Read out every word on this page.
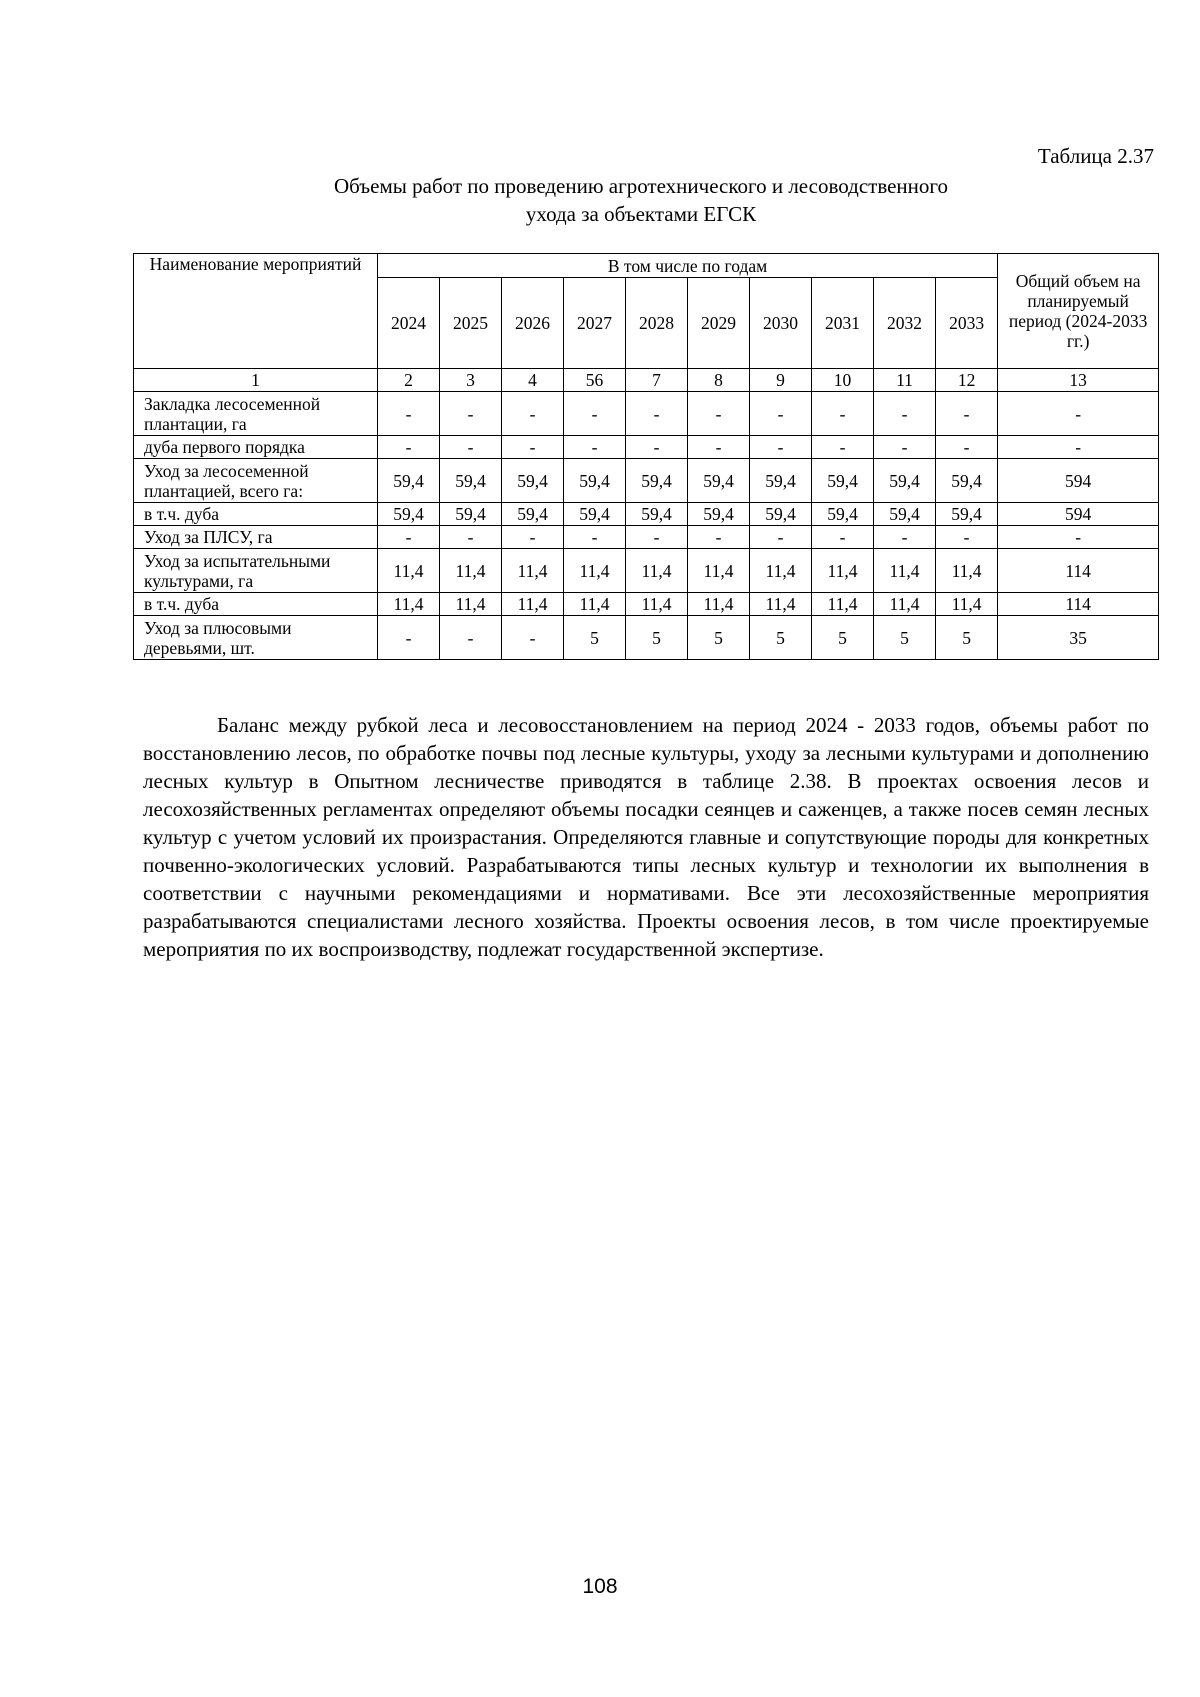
Таблица 2.37
Объемы работ по проведению агротехнического и лесоводственного
ухода за объектами ЕГСК
Наименование мероприятий	В том числе по годам										Общий объем на планируемый период (2024-2033 гг.)
	2024	2025	2026	2027	2028	2029	2030	2031	2032	2033	
1	2	3	4	56	7	8	9	10	11	12	13
Закладка лесосеменной плантации, га	-	-	-	-	-	-	-	-	-	-	-
дуба первого порядка	-	-	-	-	-	-	-	-	-	-	-
Уход за лесосеменной плантацией, всего га:	59,4	59,4	59,4	59,4	59,4	59,4	59,4	59,4	59,4	59,4	594
в т.ч. дуба	59,4	59,4	59,4	59,4	59,4	59,4	59,4	59,4	59,4	59,4	594
Уход за ПЛСУ, га	-	-	-	-	-	-	-	-	-	-	-
Уход за испытательными культурами, га	11,4	11,4	11,4	11,4	11,4	11,4	11,4	11,4	11,4	11,4	114
в т.ч. дуба	11,4	11,4	11,4	11,4	11,4	11,4	11,4	11,4	11,4	11,4	114
Уход за плюсовыми деревьями, шт.	-	-	-	5	5	5	5	5	5	5	35
Баланс между рубкой леса и лесовосстановлением на период 2024 - 2033 годов, объемы работ по восстановлению лесов, по обработке почвы под лесные культуры, уходу за лесными культурами и дополнению лесных культур в Опытном лесничестве приводятся в таблице 2.38. В проектах освоения лесов и лесохозяйственных регламентах определяют объемы посадки сеянцев и саженцев, а также посев семян лесных культур с учетом условий их произрастания. Определяются главные и сопутствующие породы для конкретных почвенно-экологических условий. Разрабатываются типы лесных культур и технологии их выполнения в соответствии с научными рекомендациями и нормативами. Все эти лесохозяйственные мероприятия разрабатываются специалистами лесного хозяйства. Проекты освоения лесов, в том числе проектируемые мероприятия по их воспроизводству, подлежат государственной экспертизе.
108
